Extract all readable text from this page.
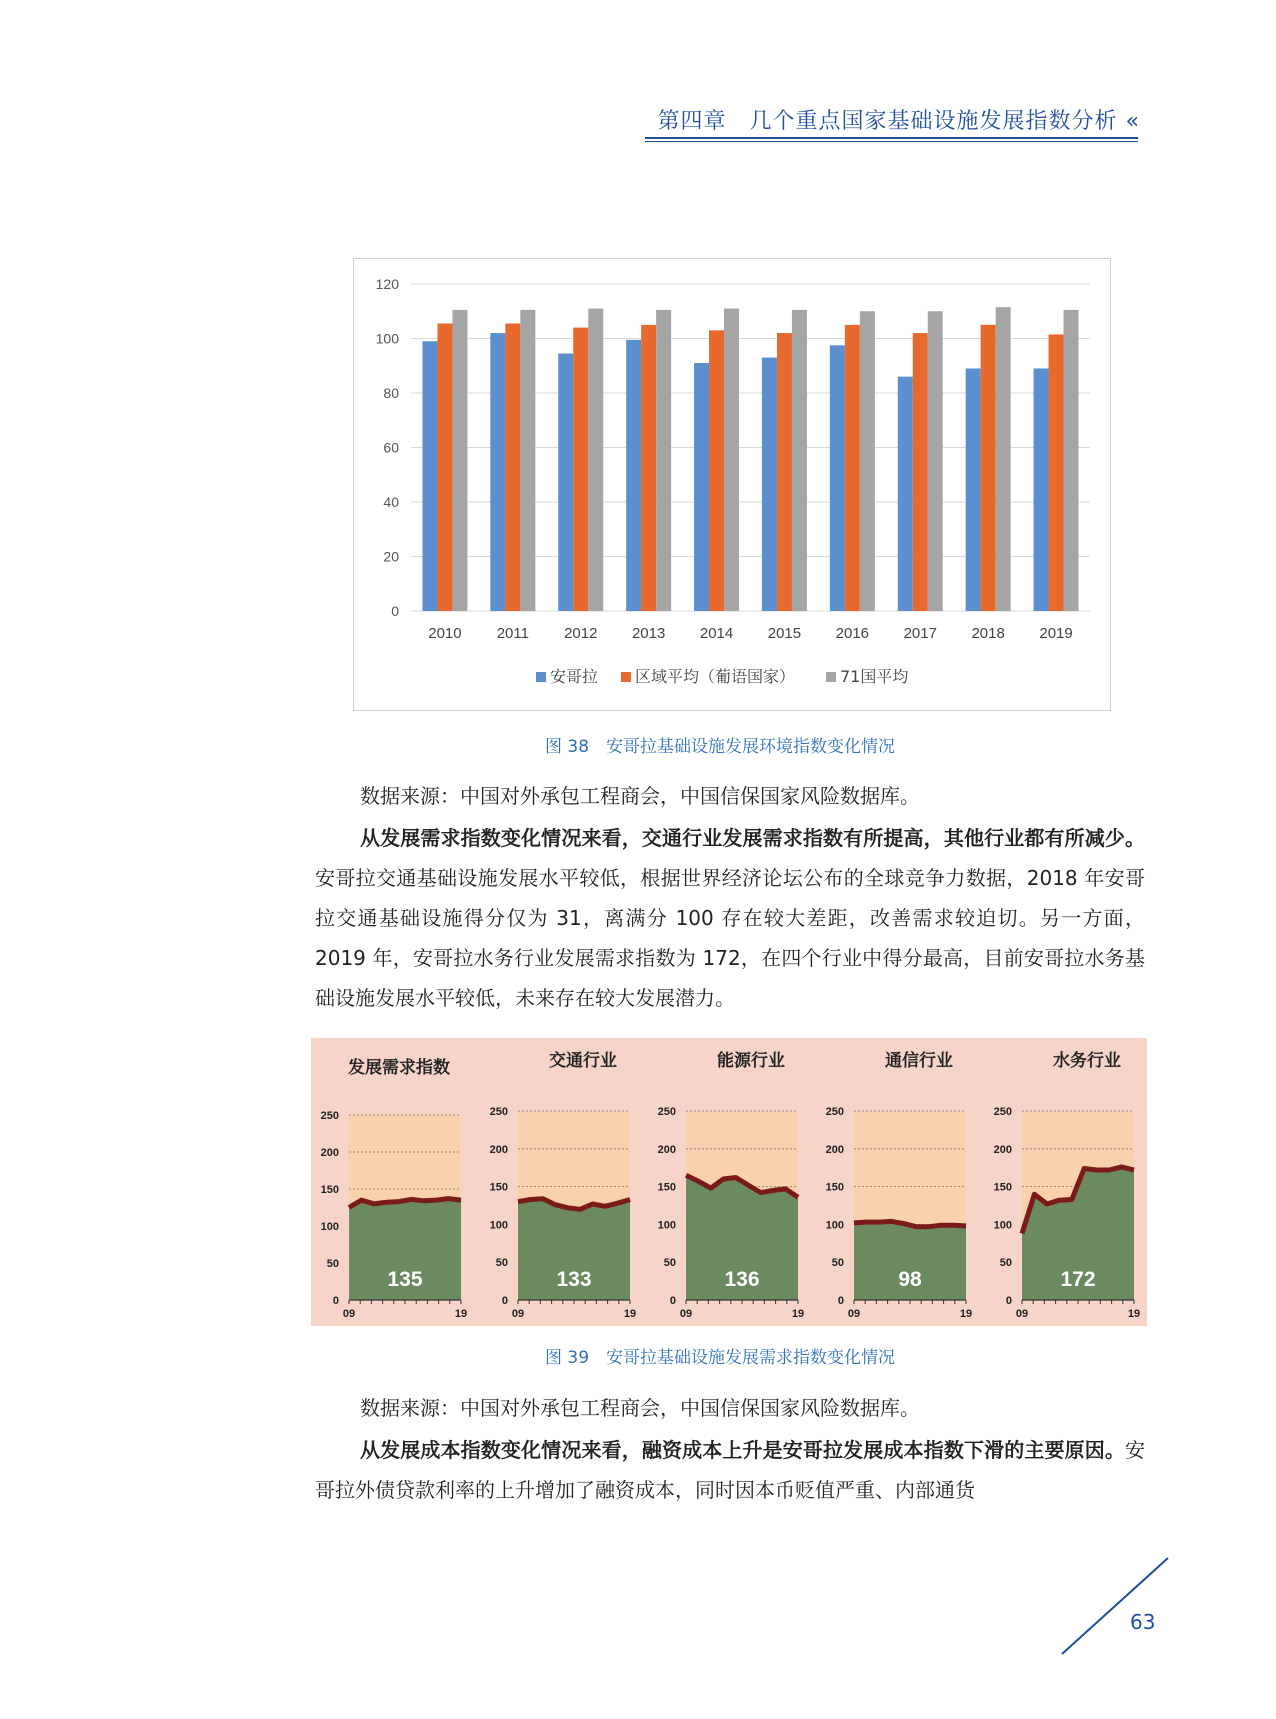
第四章　几个重点国家基础设施发展指数分析 «
0
20
40
60
80
100
120
2010 2011 2012 2013 2014 2015 2016 2017 2018 2019
安哥拉 区域平均（葡语国家）	71国平均
图 38　安哥拉基础设施发展环境指数变化情况
数据来源：中国对外承包工程商会，中国信保国家风险数据库。
从发展需求指数变化情况来看，交通行业发展需求指数有所提高，其他行业都有所减少。安哥拉交通基础设施发展水平较低，根据世界经济论坛公布的全球竞争力数据，2018 年安哥拉交通基础设施得分仅为 31，离满分 100 存在较大差距，改善需求较迫切。另一方面，2019 年，安哥拉水务行业发展需求指数为 172，在四个行业中得分最高，目前安哥拉水务基础设施发展水平较低，未来存在较大发展潜力。
发展需求指数
0
50
100
150
200
250
09	19
135
交通行业
0
50
100
150
200
250
09	19
133
能源行业
0
50
100
150
200
250
09	19
136
通信行业
0
50
100
150
200
250
09	19
98
水务行业
0
50
100
150
200
250
09	19
172
图 39　安哥拉基础设施发展需求指数变化情况
数据来源：中国对外承包工程商会，中国信保国家风险数据库。
从发展成本指数变化情况来看，融资成本上升是安哥拉发展成本指数下滑的主要原因。安哥拉外债贷款利率的上升增加了融资成本，同时因本币贬值严重、内部通货
63
